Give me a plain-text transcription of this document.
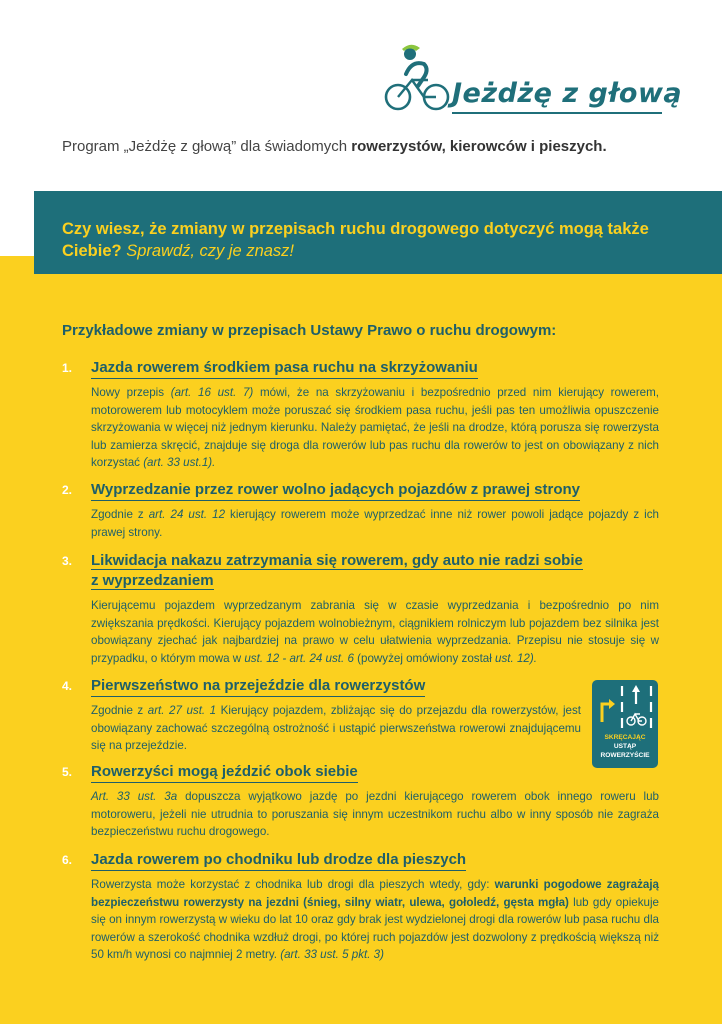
Jeżdżę z głową
Program „Jeżdżę z głową” dla świadomych rowerzystów, kierowców i pieszych.
Czy wiesz, że zmiany w przepisach ruchu drogowego dotyczyć mogą także Ciebie? Sprawdź, czy je znasz!
Przykładowe zmiany w przepisach Ustawy Prawo o ruchu drogowym:
1. Jazda rowerem środkiem pasa ruchu na skrzyżowaniu
Nowy przepis (art. 16 ust. 7) mówi, że na skrzyżowaniu i bezpośrednio przed nim kierujący rowerem, motorowerem lub motocyklem może poruszać się środkiem pasa ruchu, jeśli pas ten umożliwia opuszczenie skrzyżowania w więcej niż jednym kierunku. Należy pamiętać, że jeśli na drodze, którą porusza się rowerzysta lub zamierza skręcić, znajduje się droga dla rowerów lub pas ruchu dla rowerów to jest on obowiązany z nich korzystać (art. 33 ust.1).
2. Wyprzedzanie przez rower wolno jadących pojazdów z prawej strony
Zgodnie z art. 24 ust. 12 kierujący rowerem może wyprzedzać inne niż rower powoli jadące pojazdy z ich prawej strony.
3. Likwidacja nakazu zatrzymania się rowerem, gdy auto nie radzi sobie
z wyprzedzaniem
Kierującemu pojazdem wyprzedzanym zabrania się w czasie wyprzedzania i bezpośrednio po nim zwiększania prędkości. Kierujący pojazdem wolnobieżnym, ciągnikiem rolniczym lub pojazdem bez silnika jest obowiązany zjechać jak najbardziej na prawo w celu ułatwienia wyprzedzania. Przepisu nie stosuje się w przypadku, o którym mowa w ust. 12 - art. 24 ust. 6 (powyżej omówiony został ust. 12).
4. Pierwszeństwo na przejeździe dla rowerzystów
Zgodnie z art. 27 ust. 1 Kierujący pojazdem, zbliżając się do przejazdu dla rowerzystów, jest obowiązany zachować szczególną ostrożność i ustąpić pierwszeństwa rowerowi znajdującemu się na przejeździe.
SKRĘCAJĄC
USTĄP
ROWERZYŚCIE
5. Rowerzyści mogą jeździć obok siebie
Art. 33 ust. 3a dopuszcza wyjątkowo jazdę po jezdni kierującego rowerem obok innego roweru lub motoroweru, jeżeli nie utrudnia to poruszania się innym uczestnikom ruchu albo w inny sposób nie zagraża bezpieczeństwu ruchu drogowego.
6. Jazda rowerem po chodniku lub drodze dla pieszych
Rowerzysta może korzystać z chodnika lub drogi dla pieszych wtedy, gdy: warunki pogodowe zagrażają bezpieczeństwu rowerzysty na jezdni (śnieg, silny wiatr, ulewa, gołoledź, gęsta mgła) lub gdy opiekuje się on innym rowerzystą w wieku do lat 10 oraz gdy brak jest wydzielonej drogi dla rowerów lub pasa ruchu dla rowerów a szerokość chodnika wzdłuż drogi, po której ruch pojazdów jest dozwolony z prędkością większą niż 50 km/h wynosi co najmniej 2 metry. (art. 33 ust. 5 pkt. 3)
